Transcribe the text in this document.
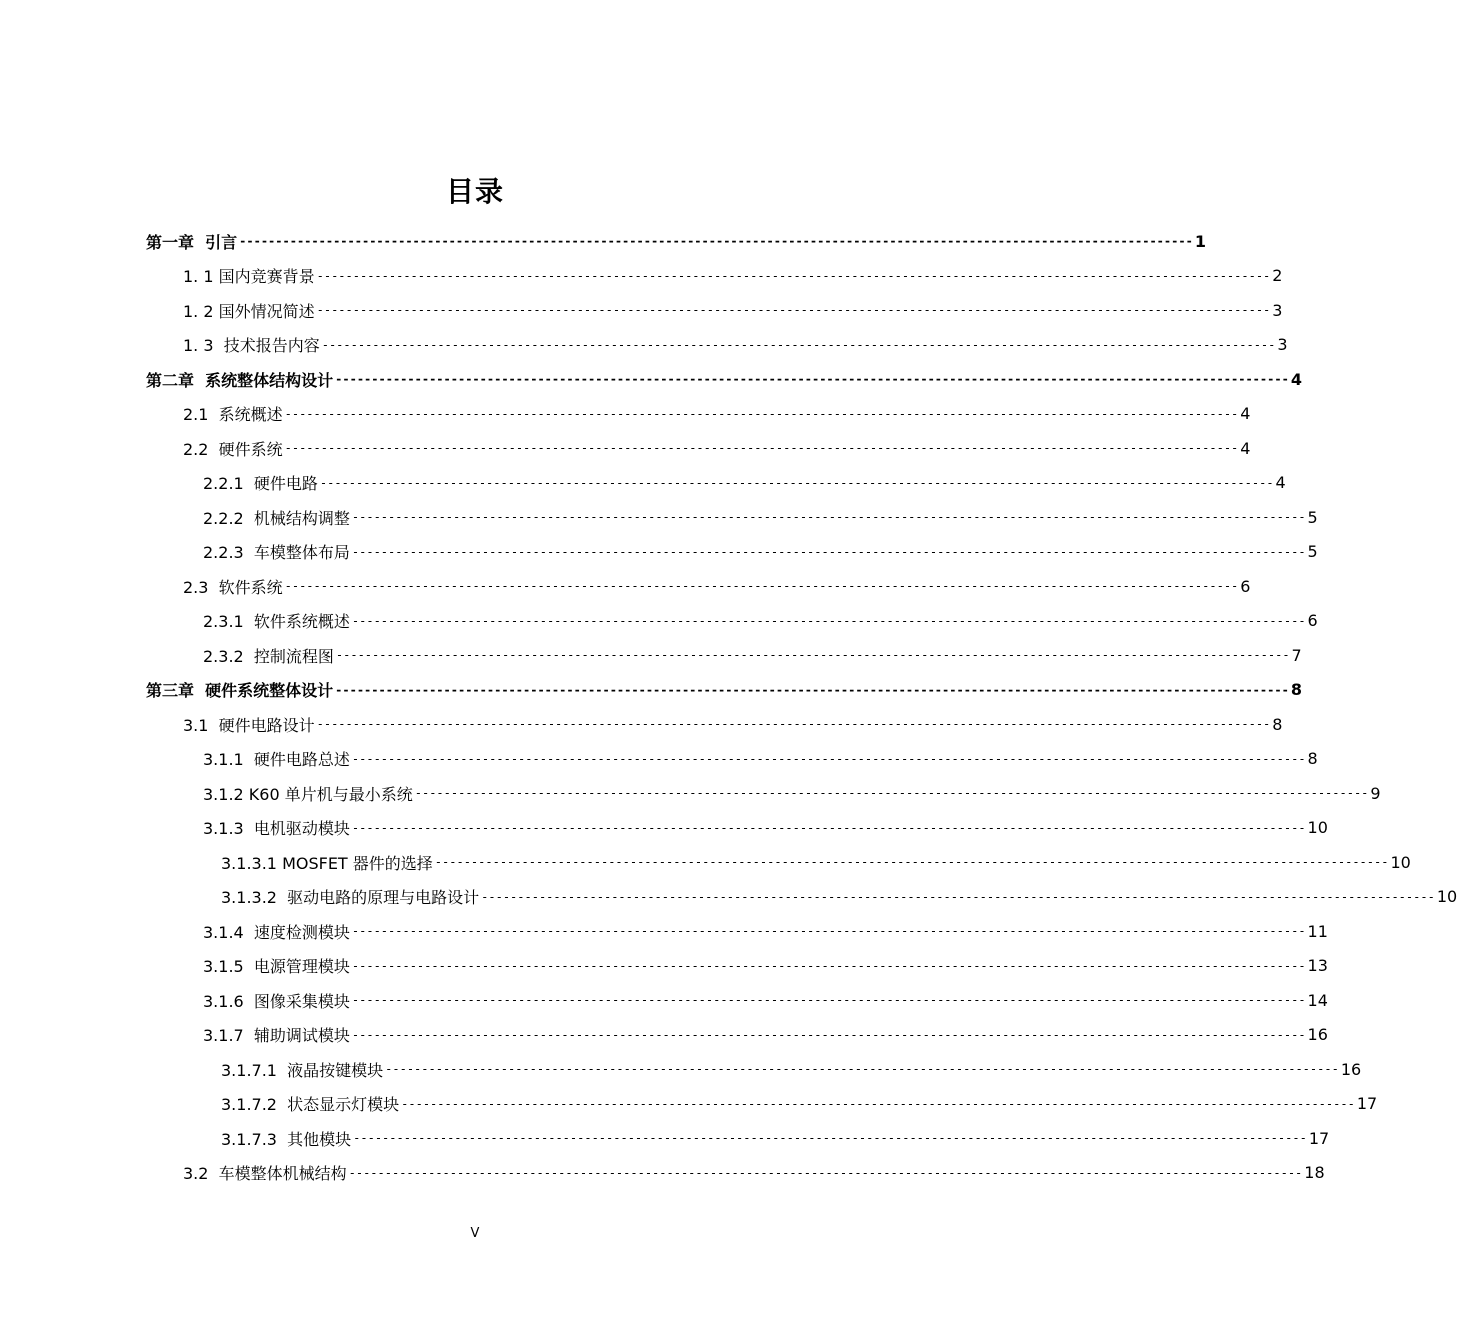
目录
第一章  引言 ------------------------------------------------------------------------------------------------------------------------------------ 1
1. 1 国内竞赛背景 ------------------------------------------------------------------------------------------------------------------------------------ 2
1. 2 国外情况简述 ------------------------------------------------------------------------------------------------------------------------------------ 3
1. 3  技术报告内容 ------------------------------------------------------------------------------------------------------------------------------------ 3
第二章  系统整体结构设计 ------------------------------------------------------------------------------------------------------------------------------------ 4
2.1  系统概述 ------------------------------------------------------------------------------------------------------------------------------------ 4
2.2  硬件系统 ------------------------------------------------------------------------------------------------------------------------------------ 4
2.2.1  硬件电路 ------------------------------------------------------------------------------------------------------------------------------------ 4
2.2.2  机械结构调整 ------------------------------------------------------------------------------------------------------------------------------------ 5
2.2.3  车模整体布局 ------------------------------------------------------------------------------------------------------------------------------------ 5
2.3  软件系统 ------------------------------------------------------------------------------------------------------------------------------------ 6
2.3.1  软件系统概述 ------------------------------------------------------------------------------------------------------------------------------------ 6
2.3.2  控制流程图 ------------------------------------------------------------------------------------------------------------------------------------ 7
第三章  硬件系统整体设计 ------------------------------------------------------------------------------------------------------------------------------------ 8
3.1  硬件电路设计 ------------------------------------------------------------------------------------------------------------------------------------ 8
3.1.1  硬件电路总述 ------------------------------------------------------------------------------------------------------------------------------------ 8
3.1.2 K60 单片机与最小系统 ------------------------------------------------------------------------------------------------------------------------------------ 9
3.1.3  电机驱动模块 ------------------------------------------------------------------------------------------------------------------------------------ 10
3.1.3.1 MOSFET 器件的选择 ------------------------------------------------------------------------------------------------------------------------------------ 10
3.1.3.2  驱动电路的原理与电路设计 ------------------------------------------------------------------------------------------------------------------------------------ 10
3.1.4  速度检测模块 ------------------------------------------------------------------------------------------------------------------------------------ 11
3.1.5  电源管理模块 ------------------------------------------------------------------------------------------------------------------------------------ 13
3.1.6  图像采集模块 ------------------------------------------------------------------------------------------------------------------------------------ 14
3.1.7  辅助调试模块 ------------------------------------------------------------------------------------------------------------------------------------ 16
3.1.7.1  液晶按键模块 ------------------------------------------------------------------------------------------------------------------------------------ 16
3.1.7.2  状态显示灯模块 ------------------------------------------------------------------------------------------------------------------------------------ 17
3.1.7.3  其他模块 ------------------------------------------------------------------------------------------------------------------------------------ 17
3.2  车模整体机械结构 ------------------------------------------------------------------------------------------------------------------------------------ 18
V
